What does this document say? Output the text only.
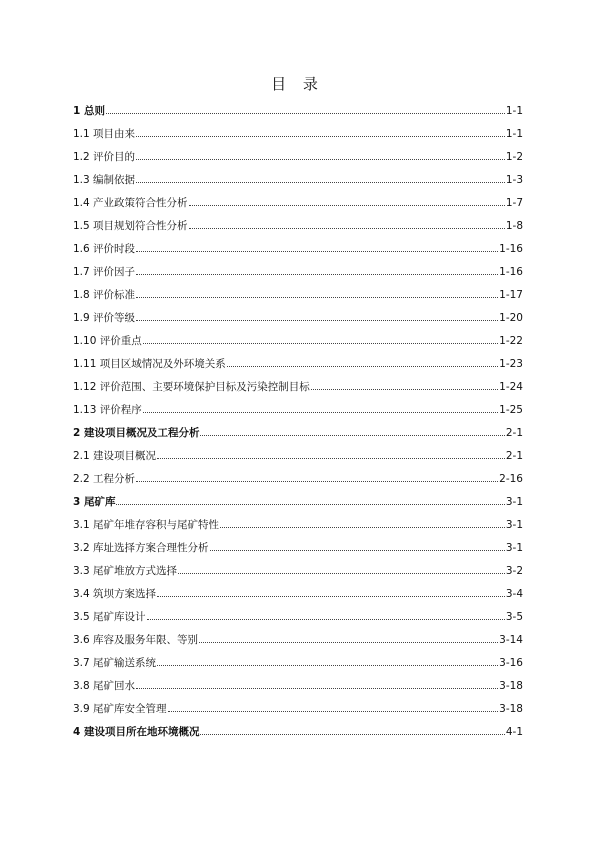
目 录
1 总则	1-1
1.1 项目由来	1-1
1.2 评价目的	1-2
1.3 编制依据	1-3
1.4 产业政策符合性分析	1-7
1.5 项目规划符合性分析	1-8
1.6 评价时段	1-16
1.7 评价因子	1-16
1.8 评价标准	1-17
1.9 评价等级	1-20
1.10 评价重点	1-22
1.11 项目区域情况及外环境关系	1-23
1.12 评价范围、主要环境保护目标及污染控制目标	1-24
1.13 评价程序	1-25
2 建设项目概况及工程分析	2-1
2.1 建设项目概况	2-1
2.2 工程分析	2-16
3 尾矿库	3-1
3.1 尾矿年堆存容积与尾矿特性	3-1
3.2 库址选择方案合理性分析	3-1
3.3 尾矿堆放方式选择	3-2
3.4 筑坝方案选择	3-4
3.5 尾矿库设计	3-5
3.6 库容及服务年限、等别	3-14
3.7 尾矿输送系统	3-16
3.8 尾矿回水	3-18
3.9 尾矿库安全管理	3-18
4 建设项目所在地环境概况	4-1
